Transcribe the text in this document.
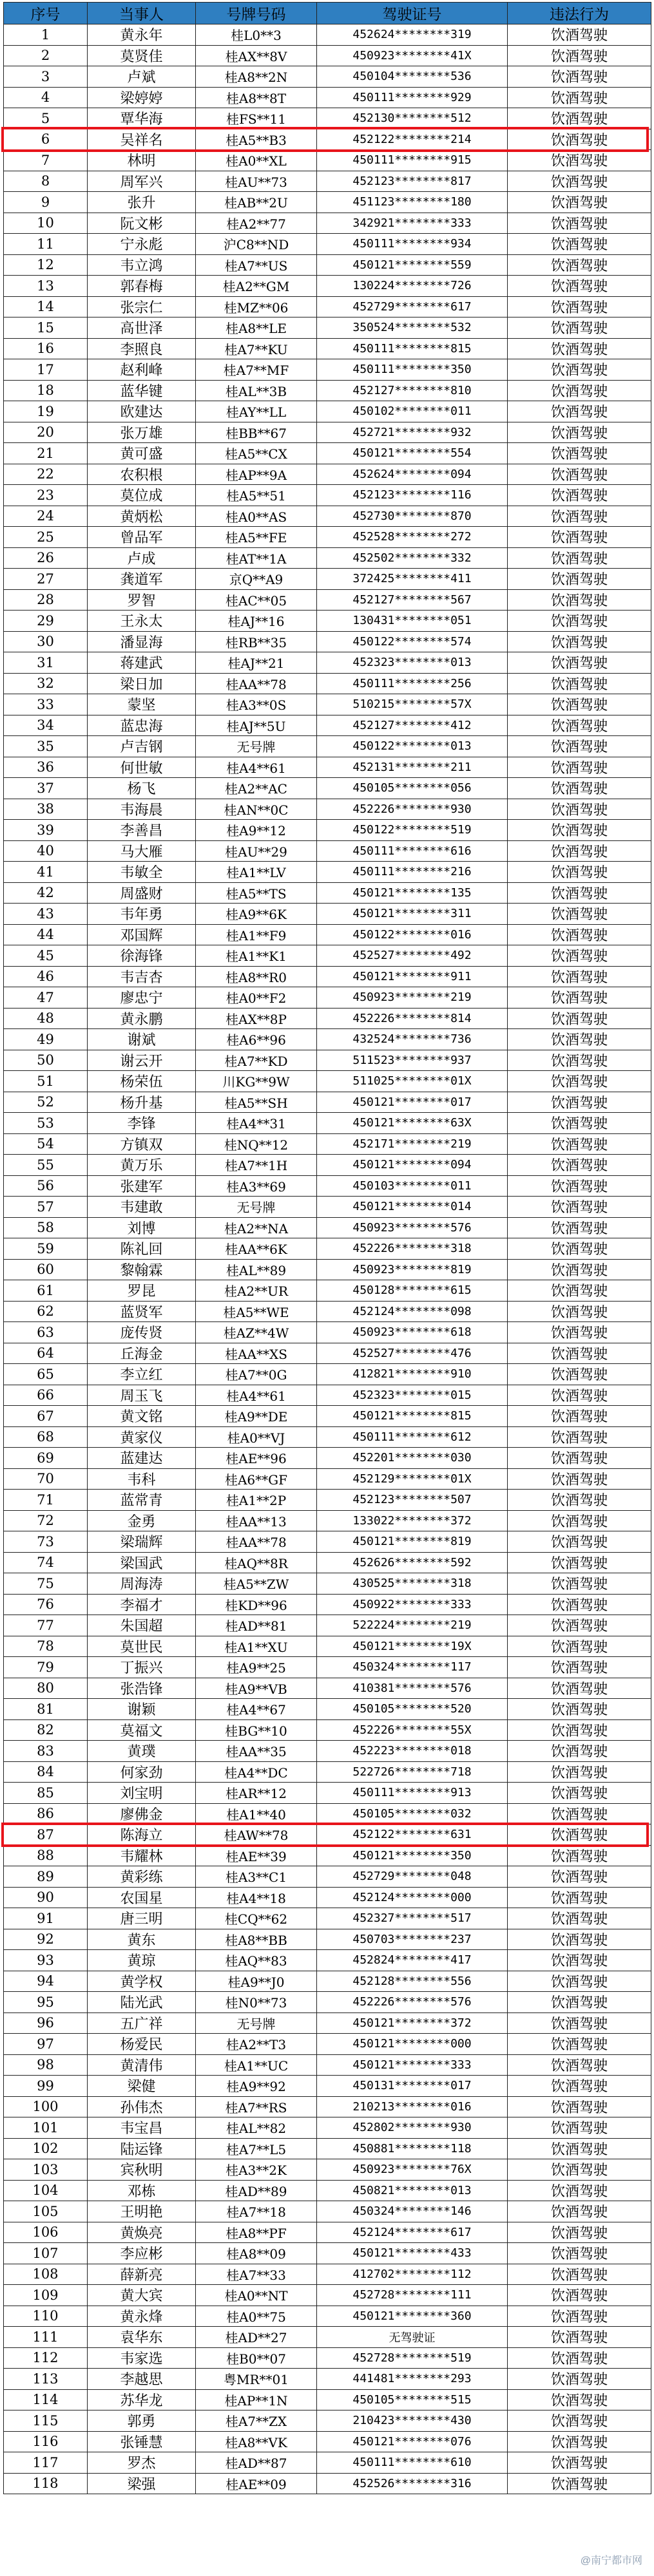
序号	当事人	号牌号码	驾驶证号	违法行为
1	黄永年	桂L0**3	452624********319	饮酒驾驶
2	莫贤佳	桂AX**8V	450923********41X	饮酒驾驶
3	卢斌	桂A8**2N	450104********536	饮酒驾驶
4	梁婷婷	桂A8**8T	450111********929	饮酒驾驶
5	覃华海	桂FS**11	452130********512	饮酒驾驶
6	吴祥名	桂A5**B3	452122********214	饮酒驾驶
7	林明	桂A0**XL	450111********915	饮酒驾驶
8	周军兴	桂AU**73	452123********817	饮酒驾驶
9	张升	桂AB**2U	451123********180	饮酒驾驶
10	阮文彬	桂A2**77	342921********333	饮酒驾驶
11	宁永彪	沪C8**ND	450111********934	饮酒驾驶
12	韦立鸿	桂A7**US	450121********559	饮酒驾驶
13	郭春梅	桂A2**GM	130224********726	饮酒驾驶
14	张宗仁	桂MZ**06	452729********617	饮酒驾驶
15	高世泽	桂A8**LE	350524********532	饮酒驾驶
16	李照良	桂A7**KU	450111********815	饮酒驾驶
17	赵利峰	桂A7**MF	450111********350	饮酒驾驶
18	蓝华键	桂AL**3B	452127********810	饮酒驾驶
19	欧建达	桂AY**LL	450102********011	饮酒驾驶
20	张万雄	桂BB**67	452721********932	饮酒驾驶
21	黄可盛	桂A5**CX	450121********554	饮酒驾驶
22	农积根	桂AP**9A	452624********094	饮酒驾驶
23	莫位成	桂A5**51	452123********116	饮酒驾驶
24	黄炳松	桂A0**AS	452730********870	饮酒驾驶
25	曾品军	桂A5**FE	452528********272	饮酒驾驶
26	卢成	桂AT**1A	452502********332	饮酒驾驶
27	龚道军	京Q**A9	372425********411	饮酒驾驶
28	罗智	桂AC**05	452127********567	饮酒驾驶
29	王永太	桂AJ**16	130431********051	饮酒驾驶
30	潘显海	桂RB**35	450122********574	饮酒驾驶
31	蒋建武	桂AJ**21	452323********013	饮酒驾驶
32	梁日加	桂AA**78	450111********256	饮酒驾驶
33	蒙坚	桂A3**0S	510215********57X	饮酒驾驶
34	蓝忠海	桂AJ**5U	452127********412	饮酒驾驶
35	卢吉钢	无号牌	450122********013	饮酒驾驶
36	何世敏	桂A4**61	452131********211	饮酒驾驶
37	杨飞	桂A2**AC	450105********056	饮酒驾驶
38	韦海晨	桂AN**0C	452226********930	饮酒驾驶
39	李善昌	桂A9**12	450122********519	饮酒驾驶
40	马大雁	桂AU**29	450111********616	饮酒驾驶
41	韦敏全	桂A1**LV	450111********216	饮酒驾驶
42	周盛财	桂A5**TS	450121********135	饮酒驾驶
43	韦年勇	桂A9**6K	450121********311	饮酒驾驶
44	邓国辉	桂A1**F9	450122********016	饮酒驾驶
45	徐海锋	桂A1**K1	452527********492	饮酒驾驶
46	韦吉杏	桂A8**R0	450121********911	饮酒驾驶
47	廖忠宁	桂A0**F2	450923********219	饮酒驾驶
48	黄永鹏	桂AX**8P	452226********814	饮酒驾驶
49	谢斌	桂A6**96	432524********736	饮酒驾驶
50	谢云开	桂A7**KD	511523********937	饮酒驾驶
51	杨荣伍	川KG**9W	511025********01X	饮酒驾驶
52	杨升基	桂A5**SH	450121********017	饮酒驾驶
53	李锋	桂A4**31	450121********63X	饮酒驾驶
54	方镇双	桂NQ**12	452171********219	饮酒驾驶
55	黄万乐	桂A7**1H	450121********094	饮酒驾驶
56	张建军	桂A3**69	450103********011	饮酒驾驶
57	韦建敢	无号牌	450121********014	饮酒驾驶
58	刘博	桂A2**NA	450923********576	饮酒驾驶
59	陈礼回	桂AA**6K	452226********318	饮酒驾驶
60	黎翰霖	桂AL**89	450923********819	饮酒驾驶
61	罗昆	桂A2**UR	450128********615	饮酒驾驶
62	蓝贤军	桂A5**WE	452124********098	饮酒驾驶
63	庞传贤	桂AZ**4W	450923********618	饮酒驾驶
64	丘海金	桂AA**XS	452527********476	饮酒驾驶
65	李立红	桂A7**0G	412821********910	饮酒驾驶
66	周玉飞	桂A4**61	452323********015	饮酒驾驶
67	黄文铭	桂A9**DE	450121********815	饮酒驾驶
68	黄家仪	桂A0**VJ	450111********612	饮酒驾驶
69	蓝建达	桂AE**96	452201********030	饮酒驾驶
70	韦科	桂A6**GF	452129********01X	饮酒驾驶
71	蓝常青	桂A1**2P	452123********507	饮酒驾驶
72	金勇	桂AA**13	133022********372	饮酒驾驶
73	梁瑞辉	桂AA**78	450121********819	饮酒驾驶
74	梁国武	桂AQ**8R	452626********592	饮酒驾驶
75	周海涛	桂A5**ZW	430525********318	饮酒驾驶
76	李福才	桂KD**96	450922********333	饮酒驾驶
77	朱国超	桂AD**81	522224********219	饮酒驾驶
78	莫世民	桂A1**XU	450121********19X	饮酒驾驶
79	丁振兴	桂A9**25	450324********117	饮酒驾驶
80	张浩锋	桂A9**VB	410381********576	饮酒驾驶
81	谢颖	桂A4**67	450105********520	饮酒驾驶
82	莫福文	桂BG**10	452226********55X	饮酒驾驶
83	黄璞	桂AA**35	452223********018	饮酒驾驶
84	何家劲	桂A4**DC	522726********718	饮酒驾驶
85	刘宝明	桂AR**12	450111********913	饮酒驾驶
86	廖佛金	桂A1**40	450105********032	饮酒驾驶
87	陈海立	桂AW**78	452122********631	饮酒驾驶
88	韦耀林	桂AE**39	450121********350	饮酒驾驶
89	黄彩练	桂A3**C1	452729********048	饮酒驾驶
90	农国星	桂A4**18	452124********000	饮酒驾驶
91	唐三明	桂CQ**62	452327********517	饮酒驾驶
92	黄东	桂A8**BB	450703********237	饮酒驾驶
93	黄琼	桂AQ**83	452824********417	饮酒驾驶
94	黄学权	桂A9**J0	452128********556	饮酒驾驶
95	陆光武	桂N0**73	452226********576	饮酒驾驶
96	五广祥	无号牌	450121********372	饮酒驾驶
97	杨爱民	桂A2**T3	450121********000	饮酒驾驶
98	黄清伟	桂A1**UC	450121********333	饮酒驾驶
99	梁健	桂A9**92	450131********017	饮酒驾驶
100	孙伟杰	桂A7**RS	210213********016	饮酒驾驶
101	韦宝昌	桂AL**82	452802********930	饮酒驾驶
102	陆运锋	桂A7**L5	450881********118	饮酒驾驶
103	宾秋明	桂A3**2K	450923********76X	饮酒驾驶
104	邓栋	桂AD**89	450821********013	饮酒驾驶
105	王明艳	桂A7**18	450324********146	饮酒驾驶
106	黄焕亮	桂A8**PF	452124********617	饮酒驾驶
107	李应彬	桂A8**09	450121********433	饮酒驾驶
108	薛新亮	桂A7**33	412702********112	饮酒驾驶
109	黄大宾	桂A0**NT	452728********111	饮酒驾驶
110	黄永烽	桂A0**75	450121********360	饮酒驾驶
111	袁华东	桂AD**27	无驾驶证	饮酒驾驶
112	韦家选	桂B0**07	452728********519	饮酒驾驶
113	李越思	粤MR**01	441481********293	饮酒驾驶
114	苏华龙	桂AP**1N	450105********515	饮酒驾驶
115	郭勇	桂A7**ZX	210423********430	饮酒驾驶
116	张锤慧	桂A8**VK	450121********076	饮酒驾驶
117	罗杰	桂AD**87	450111********610	饮酒驾驶
118	梁强	桂AE**09	452526********316	饮酒驾驶
@南宁都市网
